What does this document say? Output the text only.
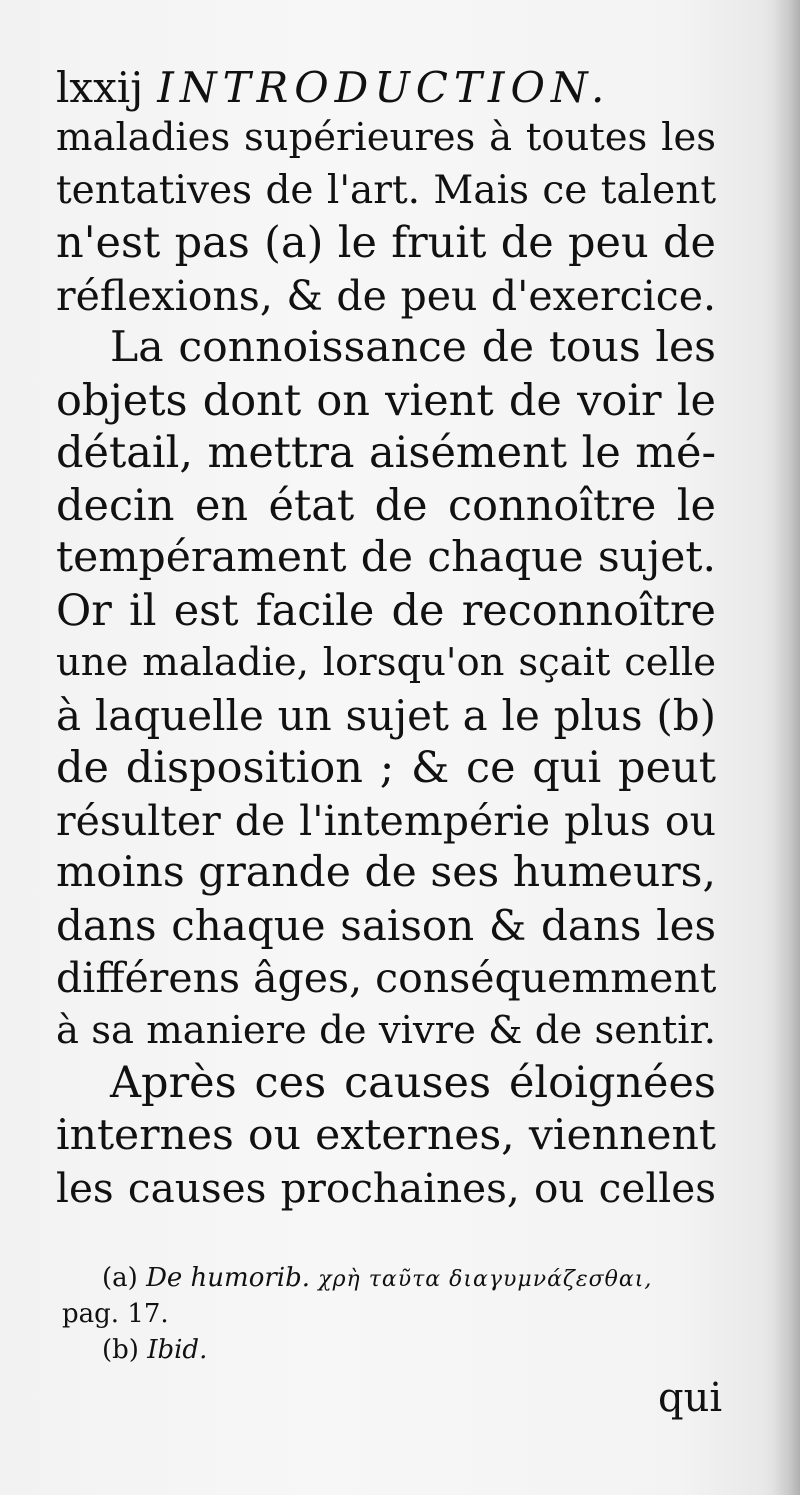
lxxij INTRODUCTION.
maladies supérieures à toutes les
tentatives de l'art. Mais ce talent
n'est pas (a) le fruit de peu de
réflexions, & de peu d'exercice.
La connoissance de tous les
objets dont on vient de voir le
détail, mettra aisément le mé-
decin en état de connoître le
tempérament de chaque sujet.
Or il est facile de reconnoître
une maladie, lorsqu'on sçait celle
à laquelle un sujet a le plus (b)
de disposition ; & ce qui peut
résulter de l'intempérie plus ou
moins grande de ses humeurs,
dans chaque saison & dans les
différens âges, conséquemment
à sa maniere de vivre & de sentir.
Après ces causes éloignées
internes ou externes, viennent
les causes prochaines, ou celles
(a) De humorib. χρὴ ταῦτα διαγυμνάζεσθαι,
pag. 17.
(b) Ibid.
qui
